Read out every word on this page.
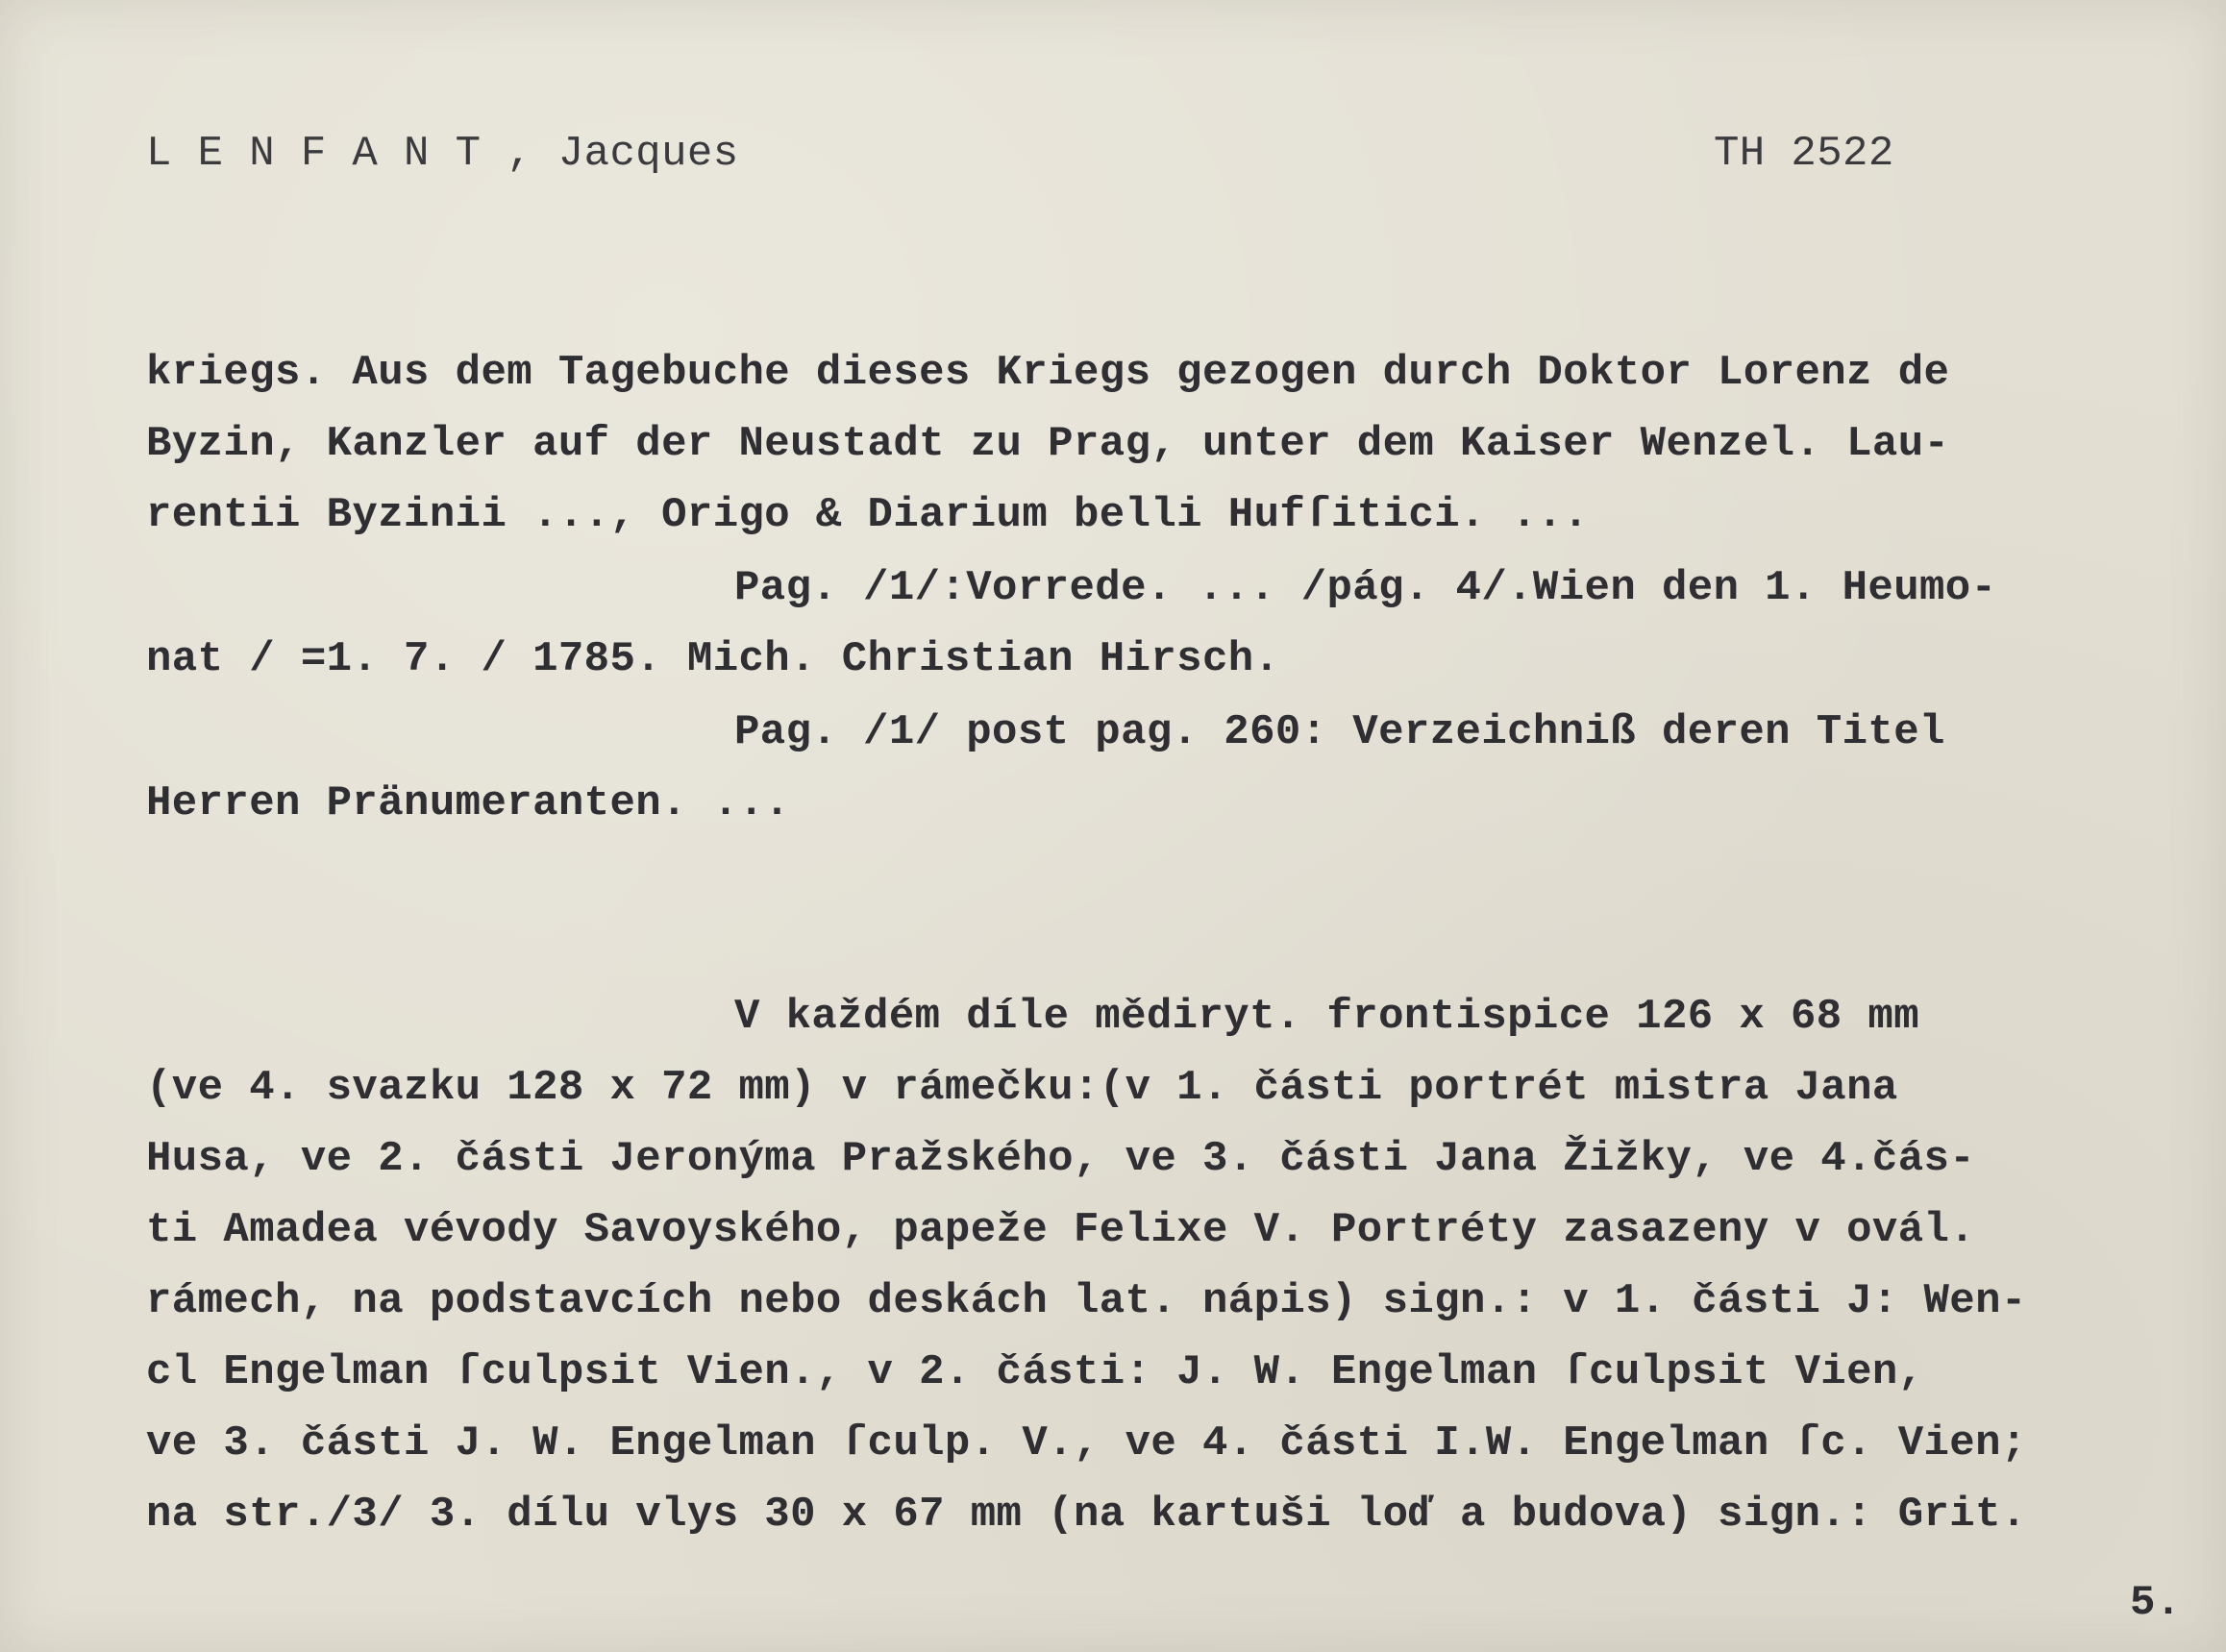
L E N F A N T , Jacques	TH 2522
kriegs. Aus dem Tagebuche dieses Kriegs gezogen durch Doktor Lorenz de
Byzin, Kanzler auf der Neustadt zu Prag, unter dem Kaiser Wenzel. Lau-
rentii Byzinii ..., Origo & Diarium belli Hufſitici. ...
Pag. /1/:Vorrede. ... /pág. 4/.Wien den 1. Heumo-
nat / =1. 7. / 1785. Mich. Christian Hirsch.
Pag. /1/ post pag. 260: Verzeichniß deren Titel
Herren Pränumeranten. ...
V každém díle mědiryt. frontispice 126 x 68 mm
(ve 4. svazku 128 x 72 mm) v rámečku:(v 1. části portrét mistra Jana
Husa, ve 2. části Jeronýma Pražského, ve 3. části Jana Žižky, ve 4.čás-
ti Amadea vévody Savoyského, papeže Felixe V. Portréty zasazeny v ovál.
rámech, na podstavcích nebo deskách lat. nápis) sign.: v 1. části J: Wen-
cl Engelman ſculpsit Vien., v 2. části: J. W. Engelman ſculpsit Vien,
ve 3. části J. W. Engelman ſculp. V., ve 4. části I.W. Engelman ſc. Vien;
na str./3/ 3. dílu vlys 30 x 67 mm (na kartuši loď a budova) sign.: Grit.
5.
